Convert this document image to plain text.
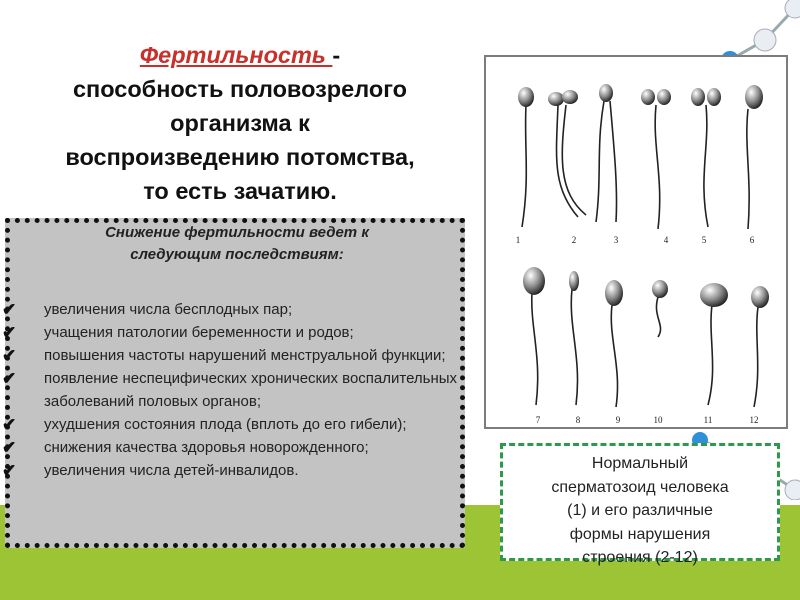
Фертильность -
способность половозрелого
организма к
воспроизведению потомства,
то есть зачатию.
Снижение фертильности ведет к
следующим последствиям:
✔	увеличения числа бесплодных пар;
✔	учащения патологии беременности и родов;
✔	повышения частоты нарушений менструальной функции;
✔	появление неспецифических хронических воспалительных заболеваний половых органов;
✔	ухудшения состояния плода (вплоть до его гибели);
✔	снижения качества здоровья новорожденного;
✔	увеличения числа детей-инвалидов.
1	2	3	4	5	6
7	8	9	10	11	12
Нормальный
сперматозоид человека
(1) и его различные
формы нарушения
строения (2-12)
